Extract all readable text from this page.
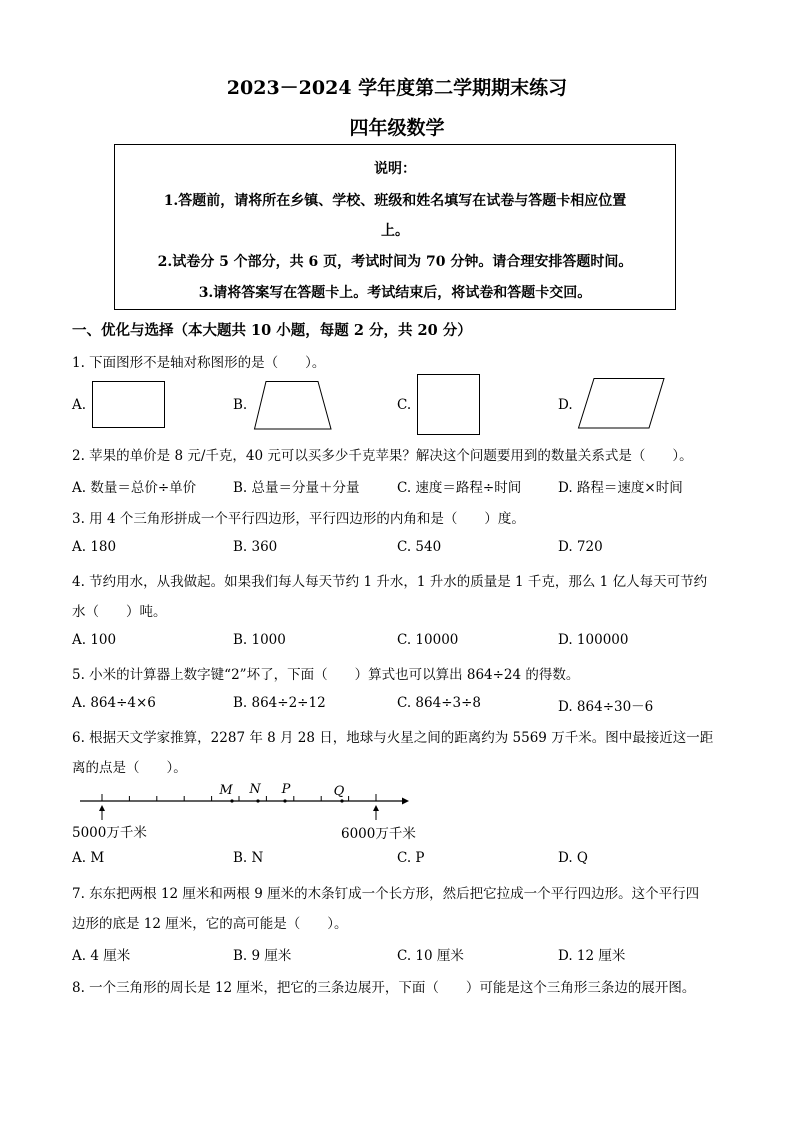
2023－2024 学年度第二学期期末练习
四年级数学
说明：
1.答题前，请将所在乡镇、学校、班级和姓名填写在试卷与答题卡相应位置
上。
2.试卷分 5 个部分，共 6 页，考试时间为 70 分钟。请合理安排答题时间。
3.请将答案写在答题卡上。考试结束后，将试卷和答题卡交回。
一、优化与选择（本大题共 10 小题，每题 2 分，共 20 分）
1. 下面图形不是轴对称图形的是（　　）。
A.	B.	C.	D.
2. 苹果的单价是 8 元/千克，40 元可以买多少千克苹果？解决这个问题要用到的数量关系式是（　　）。
A. 数量＝总价÷单价	B. 总量＝分量＋分量	C. 速度＝路程÷时间	D. 路程＝速度×时间
3. 用 4 个三角形拼成一个平行四边形，平行四边形的内角和是（　　）度。
A. 180	B. 360	C. 540	D. 720
4. 节约用水，从我做起。如果我们每人每天节约 1 升水，1 升水的质量是 1 千克，那么 1 亿人每天可节约
水（　　）吨。
A. 100	B. 1000	C. 10000	D. 100000
5. 小米的计算器上数字键“2”坏了，下面（　　）算式也可以算出 864÷24 的得数。
A. 864÷4×6	B. 864÷2÷12	C. 864÷3÷8	D. 864÷30－6
6. 根据天文学家推算，2287 年 8 月 28 日，地球与火星之间的距离约为 5569 万千米。图中最接近这一距
离的点是（　　）。
M N P	Q
5000万千米	6000万千米
A. M	B. N	C. P	D. Q
7. 东东把两根 12 厘米和两根 9 厘米的木条钉成一个长方形，然后把它拉成一个平行四边形。这个平行四
边形的底是 12 厘米，它的高可能是（　　）。
A. 4 厘米	B. 9 厘米	C. 10 厘米	D. 12 厘米
8. 一个三角形的周长是 12 厘米，把它的三条边展开，下面（　　）可能是这个三角形三条边的展开图。
